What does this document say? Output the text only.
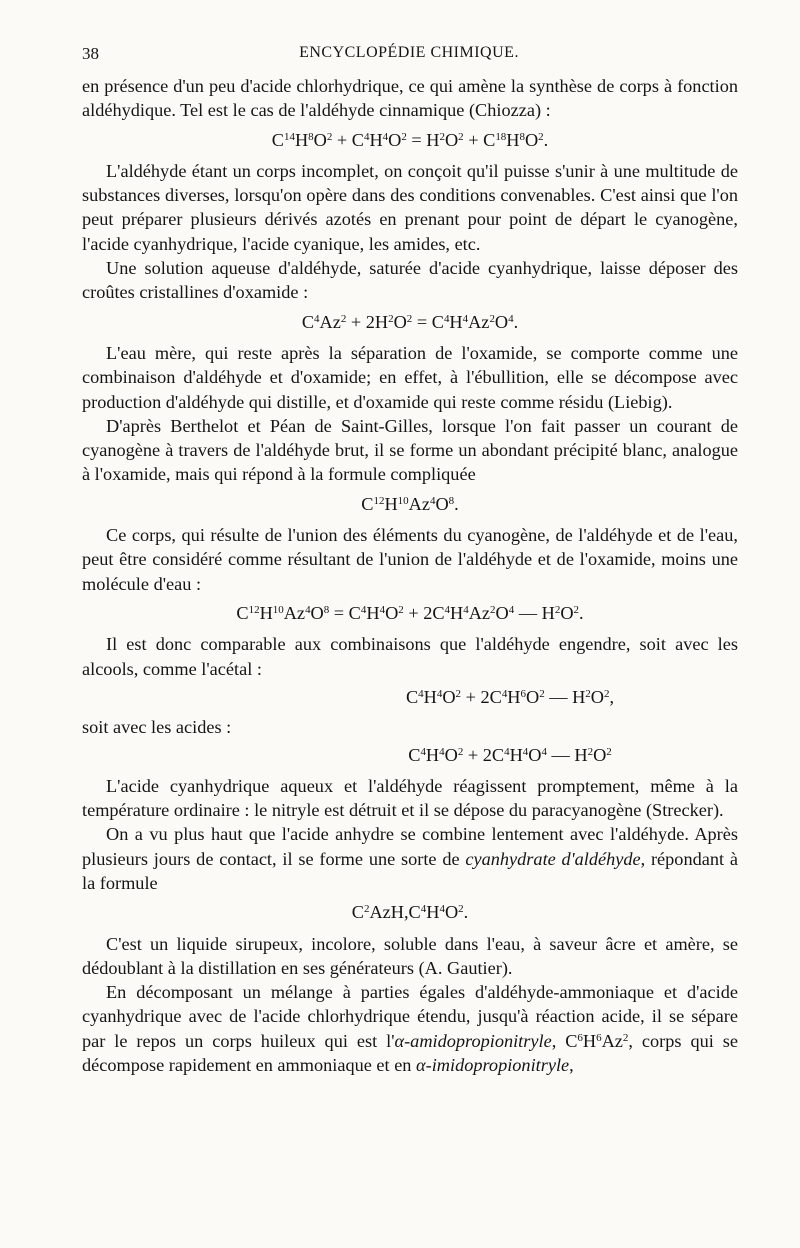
38	ENCYCLOPÉDIE CHIMIQUE.

en présence d'un peu d'acide chlorhydrique, ce qui amène la synthèse de corps à fonction aldéhydique. Tel est le cas de l'aldéhyde cinnamique (Chiozza) :

$C^{14}H^8O^2 + C^4H^4O^2 = H^2O^2 + C^{18}H^8O^2$.

L'aldéhyde étant un corps incomplet, on conçoit qu'il puisse s'unir à une multitude de substances diverses, lorsqu'on opère dans des conditions convenables. C'est ainsi que l'on peut préparer plusieurs dérivés azotés en prenant pour point de départ le cyanogène, l'acide cyanhydrique, l'acide cyanique, les amides, etc.

Une solution aqueuse d'aldéhyde, saturée d'acide cyanhydrique, laisse déposer des croûtes cristallines d'oxamide :

$C^4Az^2 + 2H^2O^2 = C^4H^4Az^2O^4$.

L'eau mère, qui reste après la séparation de l'oxamide, se comporte comme une combinaison d'aldéhyde et d'oxamide; en effet, à l'ébullition, elle se décompose avec production d'aldéhyde qui distille, et d'oxamide qui reste comme résidu (Liebig).

D'après Berthelot et Péan de Saint-Gilles, lorsque l'on fait passer un courant de cyanogène à travers de l'aldéhyde brut, il se forme un abondant précipité blanc, analogue à l'oxamide, mais qui répond à la formule compliquée

$C^{12}H^{10}Az^4O^8$.

Ce corps, qui résulte de l'union des éléments du cyanogène, de l'aldéhyde et de l'eau, peut être considéré comme résultant de l'union de l'aldéhyde et de l'oxamide, moins une molécule d'eau :

$C^{12}H^{10}Az^4O^8 = C^4H^4O^2 + 2C^4H^4Az^2O^4$ — $H^2O^2$.

Il est donc comparable aux combinaisons que l'aldéhyde engendre, soit avec les alcools, comme l'acétal :

$C^4H^4O^2 + 2C^4H^6O^2$ — $H^2O^2$,

soit avec les acides :

$C^4H^4O^2 + 2C^4H^4O^4$ — $H^2O^2$

L'acide cyanhydrique aqueux et l'aldéhyde réagissent promptement, même à la température ordinaire : le nitryle est détruit et il se dépose du paracyanogène (Strecker).

On a vu plus haut que l'acide anhydre se combine lentement avec l'aldéhyde. Après plusieurs jours de contact, il se forme une sorte de cyanhydrate d'aldéhyde, répondant à la formule

$C^2AzH,C^4H^4O^2$.

C'est un liquide sirupeux, incolore, soluble dans l'eau, à saveur âcre et amère, se dédoublant à la distillation en ses générateurs (A. Gautier).

En décomposant un mélange à parties égales d'aldéhyde-ammoniaque et d'acide cyanhydrique avec de l'acide chlorhydrique étendu, jusqu'à réaction acide, il se sépare par le repos un corps huileux qui est l'α-amidopropionitryle, $C^6H^6Az^2$, corps qui se décompose rapidement en ammoniaque et en α-imidopropionitryle,
